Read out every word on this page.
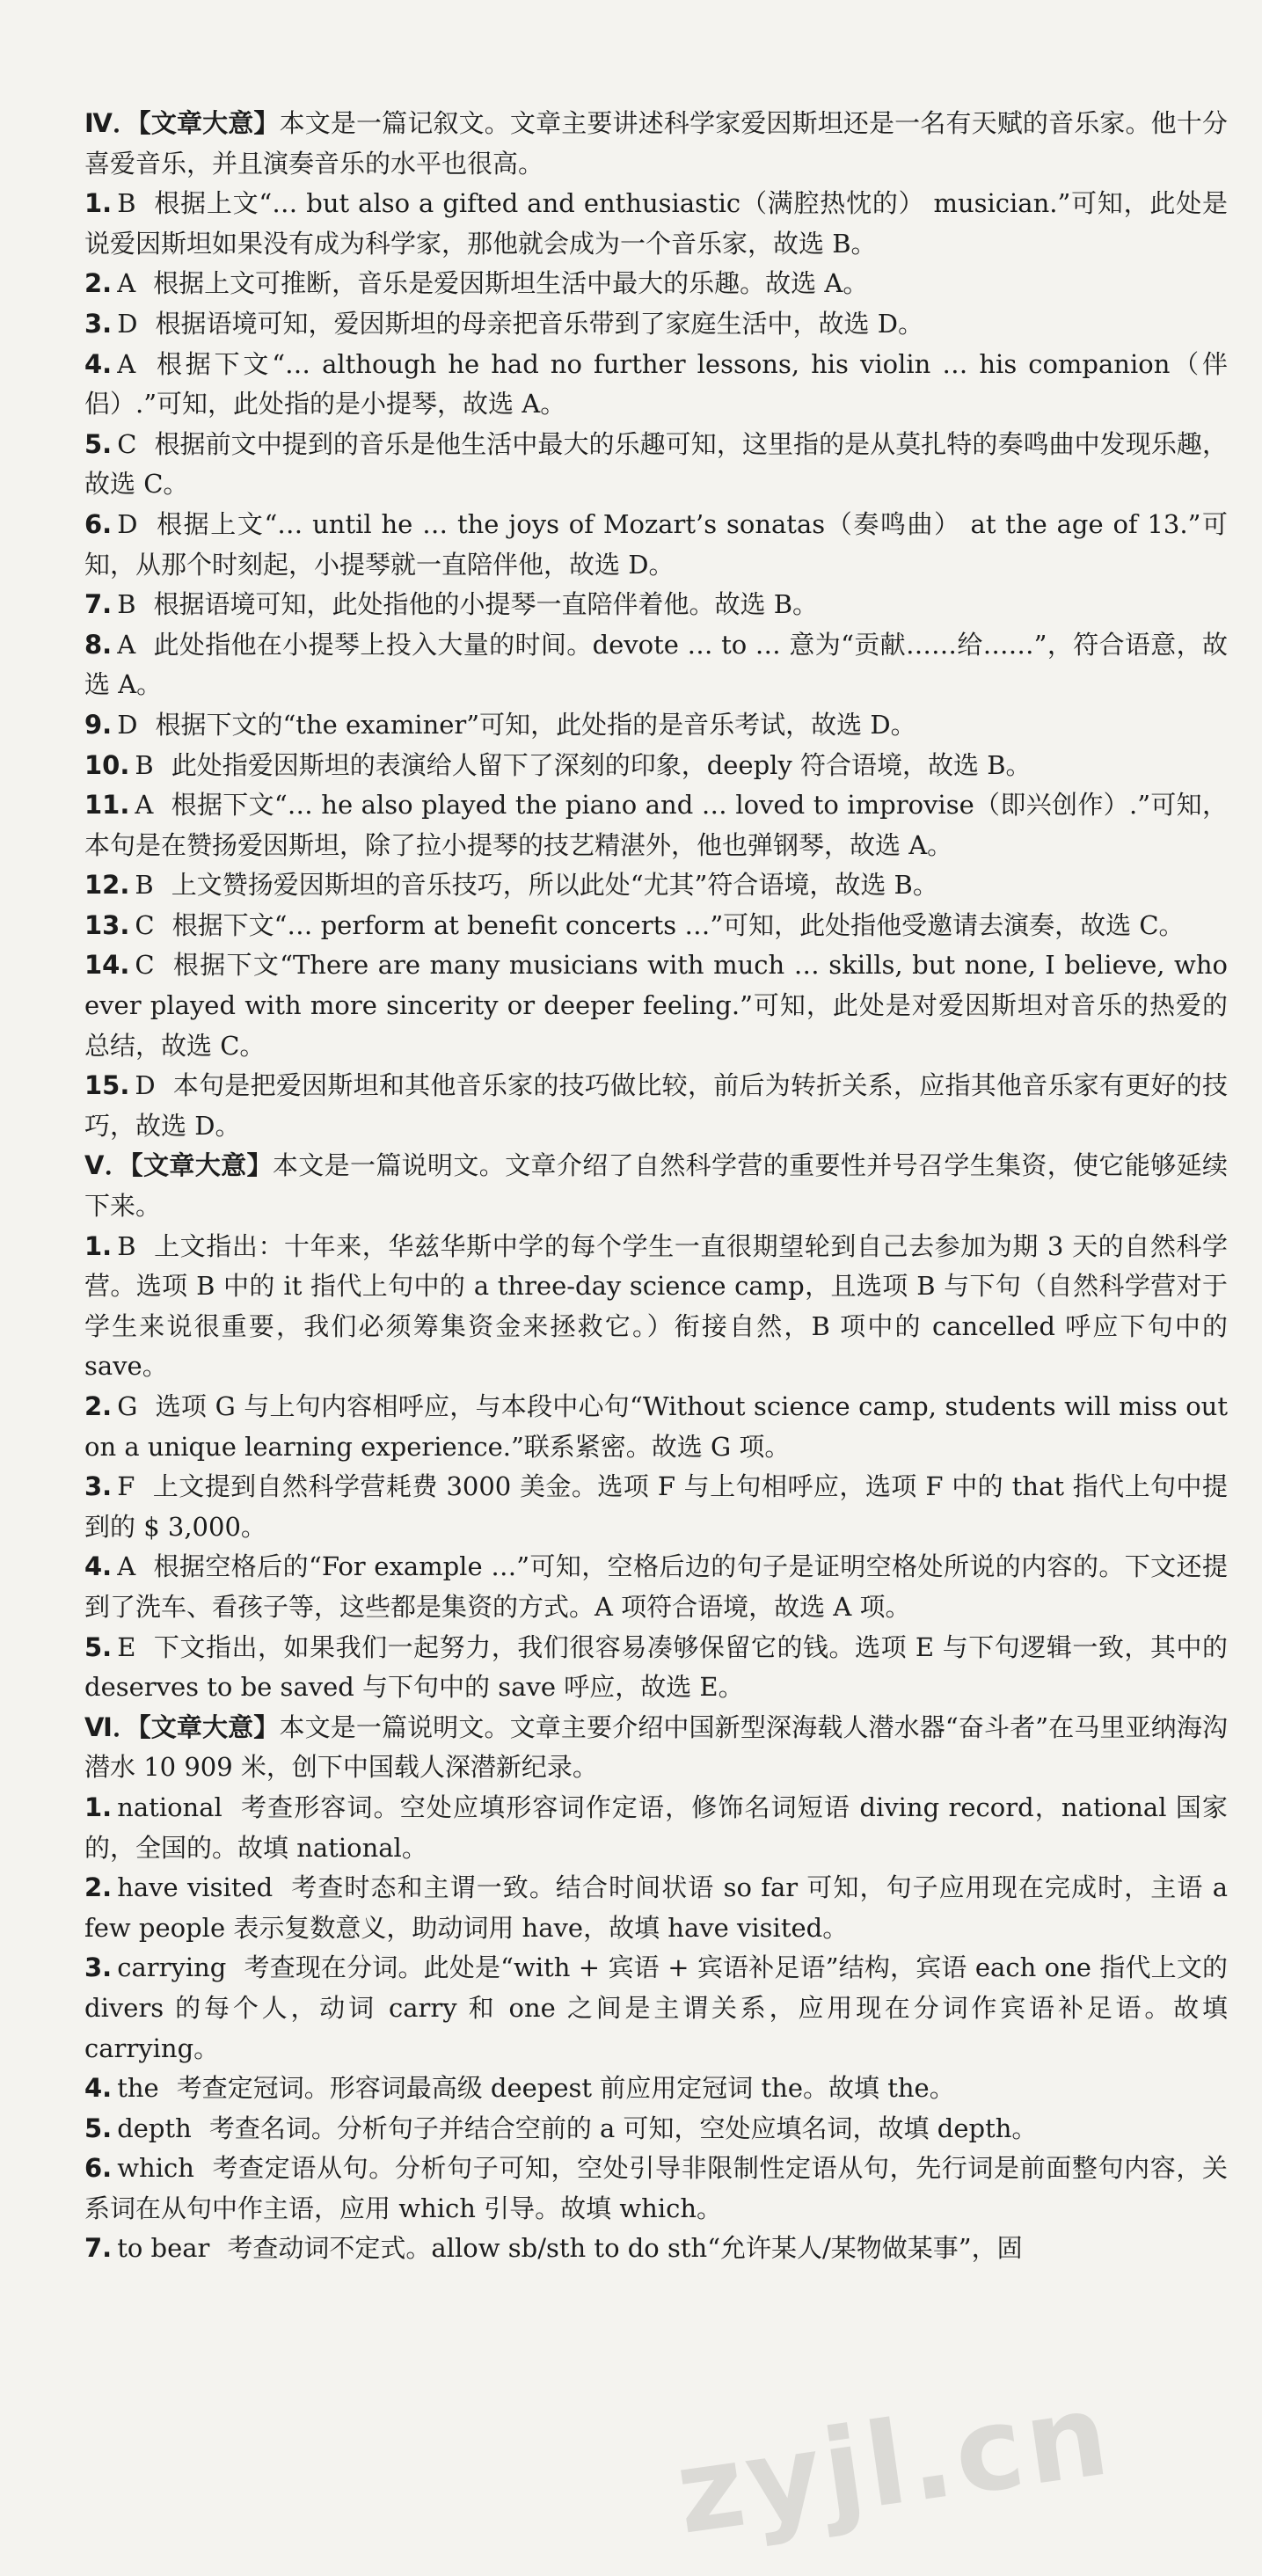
Ⅳ．【文章大意】本文是一篇记叙文。文章主要讲述科学家爱因斯坦还是一名有天赋的音乐家。他十分喜爱音乐，并且演奏音乐的水平也很高。

1. B 根据上文“… but also a gifted and enthusiastic（满腔热忱的） musician.”可知，此处是说爱因斯坦如果没有成为科学家，那他就会成为一个音乐家，故选 B。

2. A 根据上文可推断，音乐是爱因斯坦生活中最大的乐趣。故选 A。

3. D 根据语境可知，爱因斯坦的母亲把音乐带到了家庭生活中，故选 D。

4. A 根据下文“… although he had no further lessons, his violin … his companion（伴侣）.”可知，此处指的是小提琴，故选 A。

5. C 根据前文中提到的音乐是他生活中最大的乐趣可知，这里指的是从莫扎特的奏鸣曲中发现乐趣，故选 C。

6. D 根据上文“… until he … the joys of Mozart’s sonatas（奏鸣曲） at the age of 13.”可知，从那个时刻起，小提琴就一直陪伴他，故选 D。

7. B 根据语境可知，此处指他的小提琴一直陪伴着他。故选 B。

8. A 此处指他在小提琴上投入大量的时间。devote … to … 意为“贡献……给……”，符合语意，故选 A。

9. D 根据下文的“the examiner”可知，此处指的是音乐考试，故选 D。

10. B 此处指爱因斯坦的表演给人留下了深刻的印象，deeply 符合语境，故选 B。

11. A 根据下文“… he also played the piano and … loved to improvise（即兴创作）.”可知，本句是在赞扬爱因斯坦，除了拉小提琴的技艺精湛外，他也弹钢琴，故选 A。

12. B 上文赞扬爱因斯坦的音乐技巧，所以此处“尤其”符合语境，故选 B。

13. C 根据下文“… perform at benefit concerts …”可知，此处指他受邀请去演奏，故选 C。

14. C 根据下文“There are many musicians with much … skills, but none, I believe, who ever played with more sincerity or deeper feeling.”可知，此处是对爱因斯坦对音乐的热爱的总结，故选 C。

15. D 本句是把爱因斯坦和其他音乐家的技巧做比较，前后为转折关系，应指其他音乐家有更好的技巧，故选 D。

Ⅴ．【文章大意】本文是一篇说明文。文章介绍了自然科学营的重要性并号召学生集资，使它能够延续下来。

1. B 上文指出：十年来，华兹华斯中学的每个学生一直很期望轮到自己去参加为期 3 天的自然科学营。选项 B 中的 it 指代上句中的 a three-day science camp，且选项 B 与下句（自然科学营对于学生来说很重要，我们必须筹集资金来拯救它。）衔接自然，B 项中的 cancelled 呼应下句中的 save。

2. G 选项 G 与上句内容相呼应，与本段中心句“Without science camp, students will miss out on a unique learning experience.”联系紧密。故选 G 项。

3. F 上文提到自然科学营耗费 3000 美金。选项 F 与上句相呼应，选项 F 中的 that 指代上句中提到的 $ 3,000。

4. A 根据空格后的“For example …”可知，空格后边的句子是证明空格处所说的内容的。下文还提到了洗车、看孩子等，这些都是集资的方式。A 项符合语境，故选 A 项。

5. E 下文指出，如果我们一起努力，我们很容易凑够保留它的钱。选项 E 与下句逻辑一致，其中的 deserves to be saved 与下句中的 save 呼应，故选 E。

Ⅵ．【文章大意】本文是一篇说明文。文章主要介绍中国新型深海载人潜水器“奋斗者”在马里亚纳海沟潜水 10 909 米，创下中国载人深潜新纪录。

1. national 考查形容词。空处应填形容词作定语，修饰名词短语 diving record，national 国家的，全国的。故填 national。

2. have visited 考查时态和主谓一致。结合时间状语 so far 可知，句子应用现在完成时，主语 a few people 表示复数意义，助动词用 have，故填 have visited。

3. carrying 考查现在分词。此处是“with + 宾语 + 宾语补足语”结构，宾语 each one 指代上文的 divers 的每个人，动词 carry 和 one 之间是主谓关系，应用现在分词作宾语补足语。故填 carrying。

4. the 考查定冠词。形容词最高级 deepest 前应用定冠词 the。故填 the。

5. depth 考查名词。分析句子并结合空前的 a 可知，空处应填名词，故填 depth。

6. which 考查定语从句。分析句子可知，空处引导非限制性定语从句，先行词是前面整句内容，关系词在从句中作主语，应用 which 引导。故填 which。

7. to bear 考查动词不定式。allow sb/sth to do sth“允许某人/某物做某事”，固

zyjl.cn
